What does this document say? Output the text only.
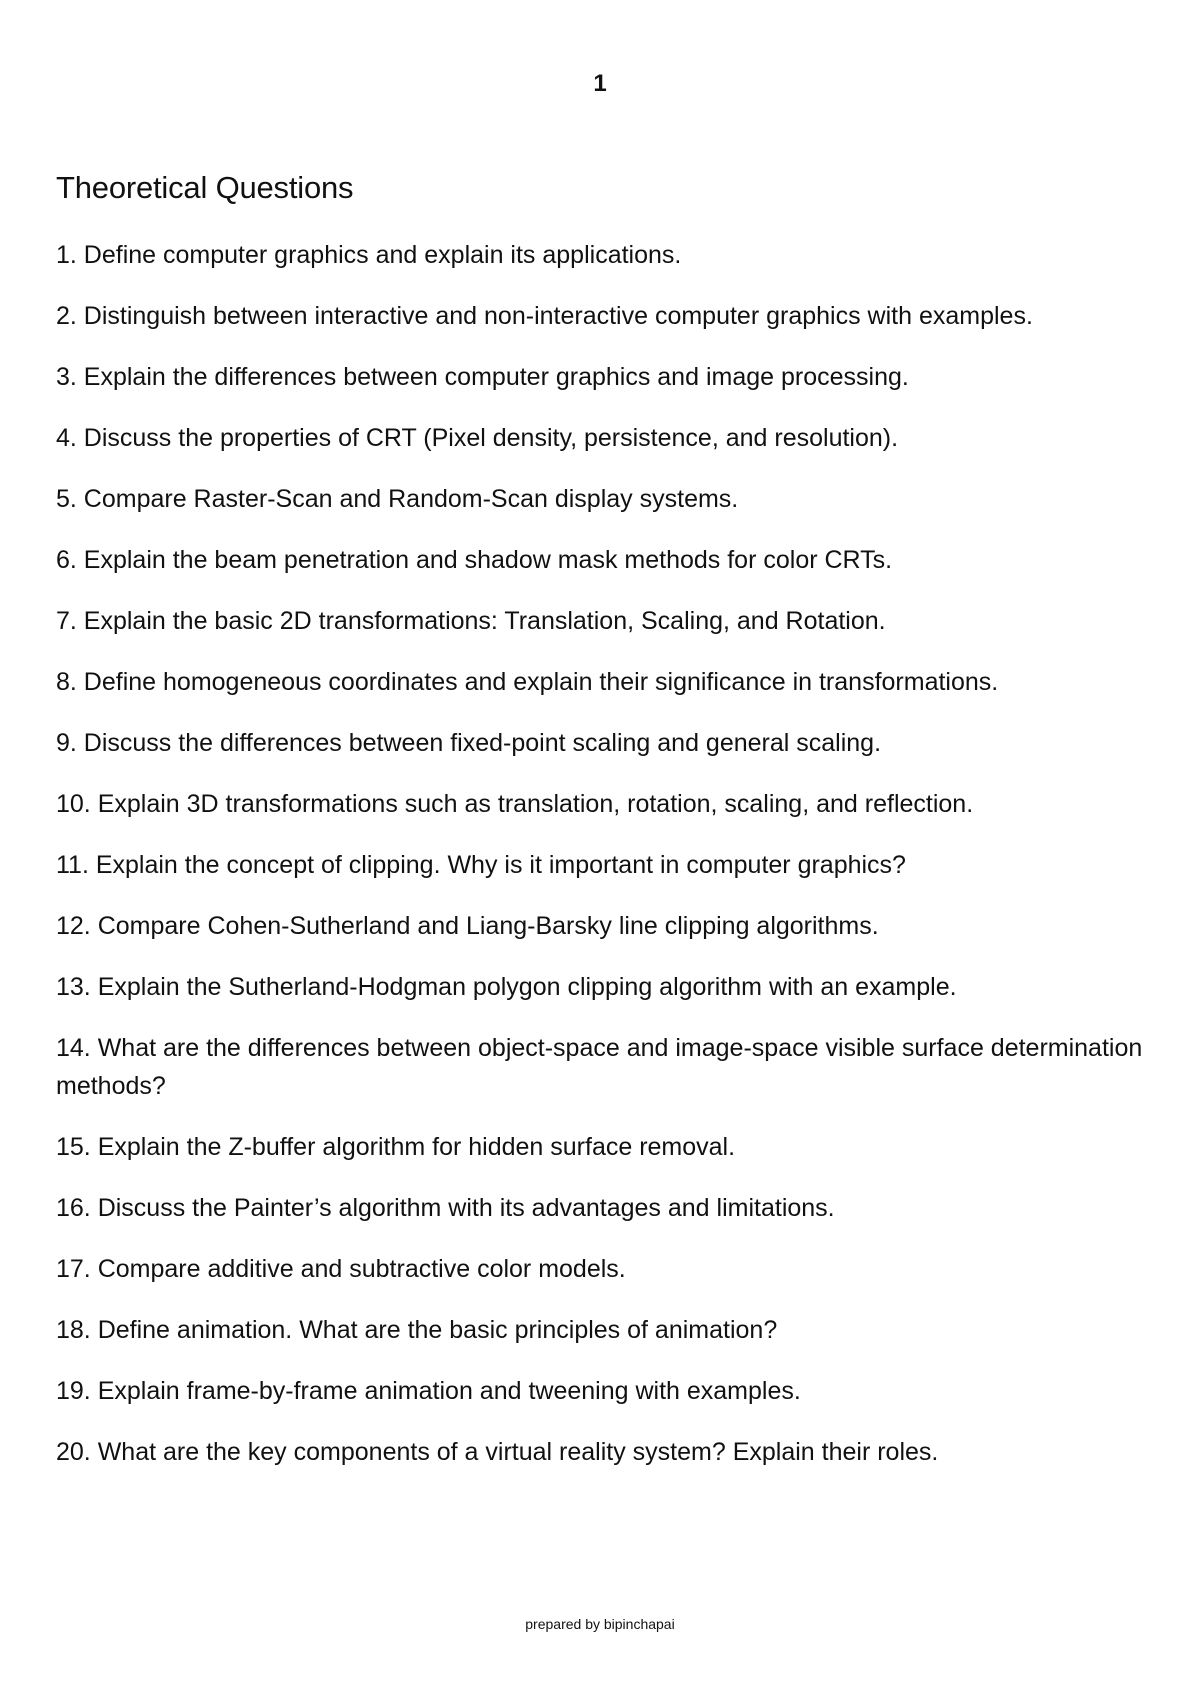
1
Theoretical Questions
1. Define computer graphics and explain its applications.
2. Distinguish between interactive and non-interactive computer graphics with examples.
3. Explain the differences between computer graphics and image processing.
4. Discuss the properties of CRT (Pixel density, persistence, and resolution).
5. Compare Raster-Scan and Random-Scan display systems.
6. Explain the beam penetration and shadow mask methods for color CRTs.
7. Explain the basic 2D transformations: Translation, Scaling, and Rotation.
8. Define homogeneous coordinates and explain their significance in transformations.
9. Discuss the differences between fixed-point scaling and general scaling.
10. Explain 3D transformations such as translation, rotation, scaling, and reflection.
11. Explain the concept of clipping. Why is it important in computer graphics?
12. Compare Cohen-Sutherland and Liang-Barsky line clipping algorithms.
13. Explain the Sutherland-Hodgman polygon clipping algorithm with an example.
14. What are the differences between object-space and image-space visible surface determination methods?
15. Explain the Z-buffer algorithm for hidden surface removal.
16. Discuss the Painter’s algorithm with its advantages and limitations.
17. Compare additive and subtractive color models.
18. Define animation. What are the basic principles of animation?
19. Explain frame-by-frame animation and tweening with examples.
20. What are the key components of a virtual reality system? Explain their roles.
prepared by bipinchapai
